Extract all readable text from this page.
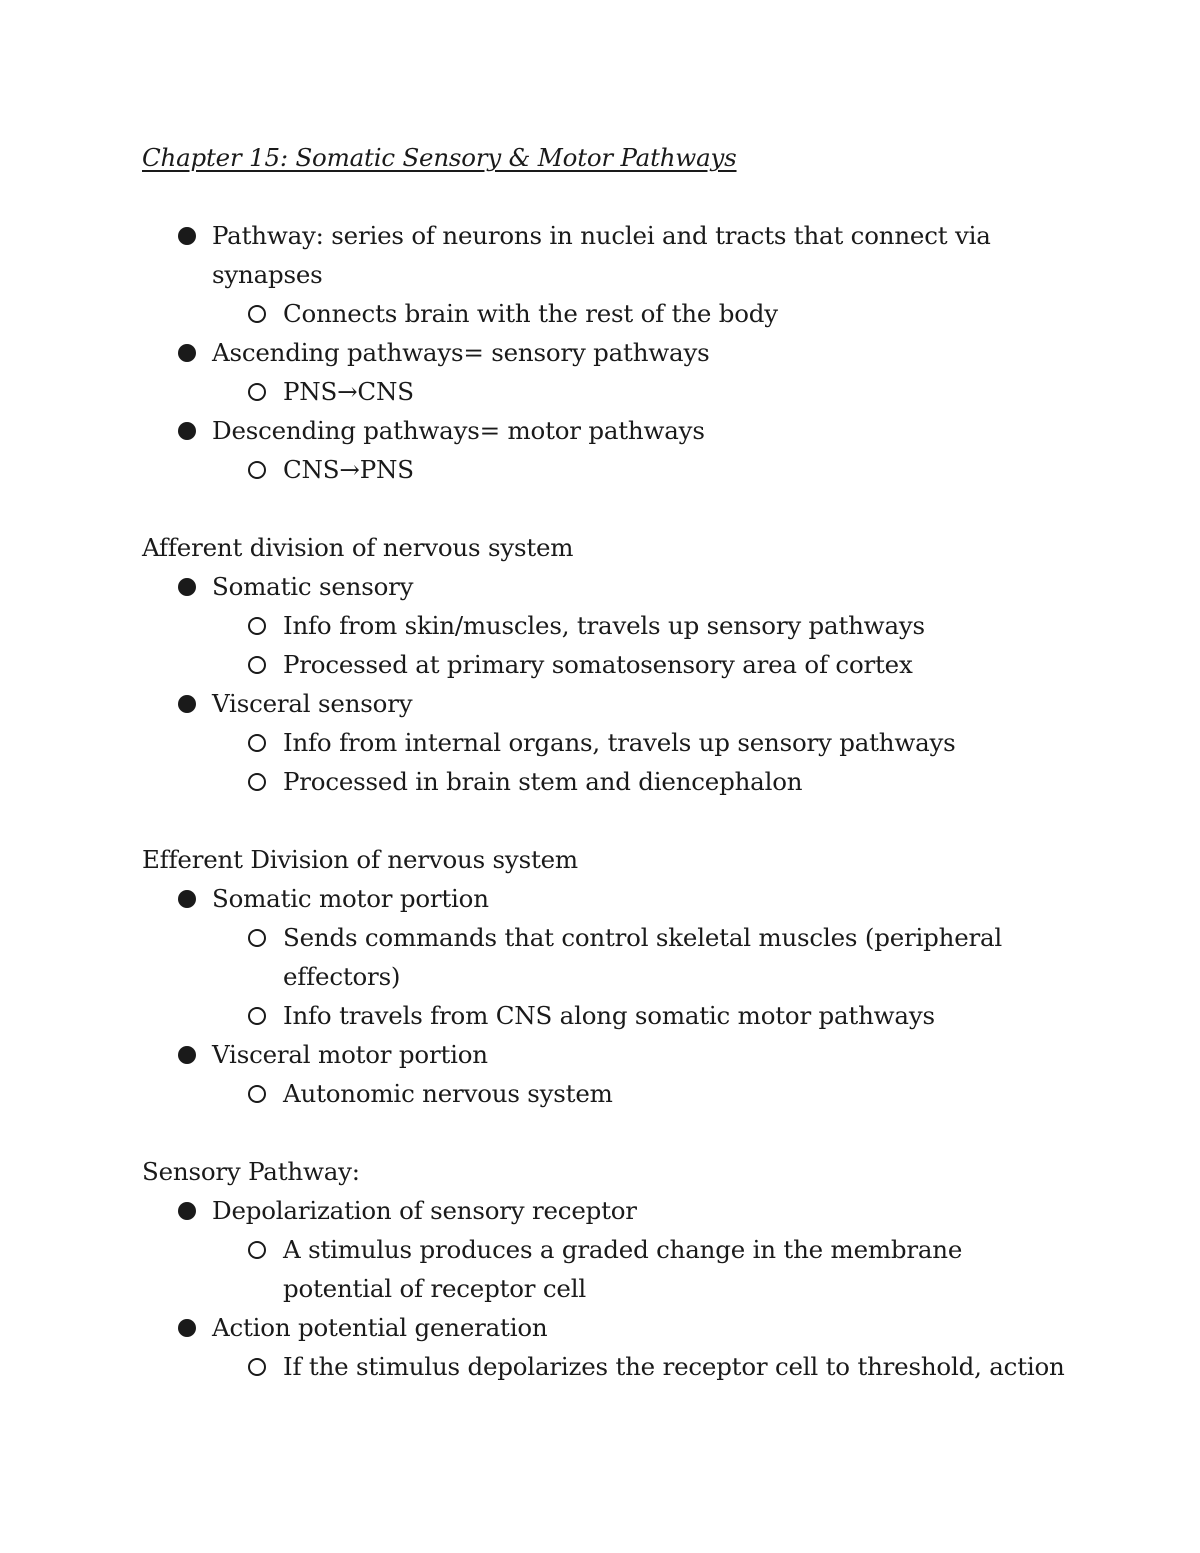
Chapter 15: Somatic Sensory & Motor Pathways
Pathway: series of neurons in nuclei and tracts that connect via synapses
Connects brain with the rest of the body
Ascending pathways= sensory pathways
PNS→CNS
Descending pathways= motor pathways
CNS→PNS
Afferent division of nervous system
Somatic sensory
Info from skin/muscles, travels up sensory pathways
Processed at primary somatosensory area of cortex
Visceral sensory
Info from internal organs, travels up sensory pathways
Processed in brain stem and diencephalon
Efferent Division of nervous system
Somatic motor portion
Sends commands that control skeletal muscles (peripheral effectors)
Info travels from CNS along somatic motor pathways
Visceral motor portion
Autonomic nervous system
Sensory Pathway:
Depolarization of sensory receptor
A stimulus produces a graded change in the membrane potential of receptor cell
Action potential generation
If the stimulus depolarizes the receptor cell to threshold, action
